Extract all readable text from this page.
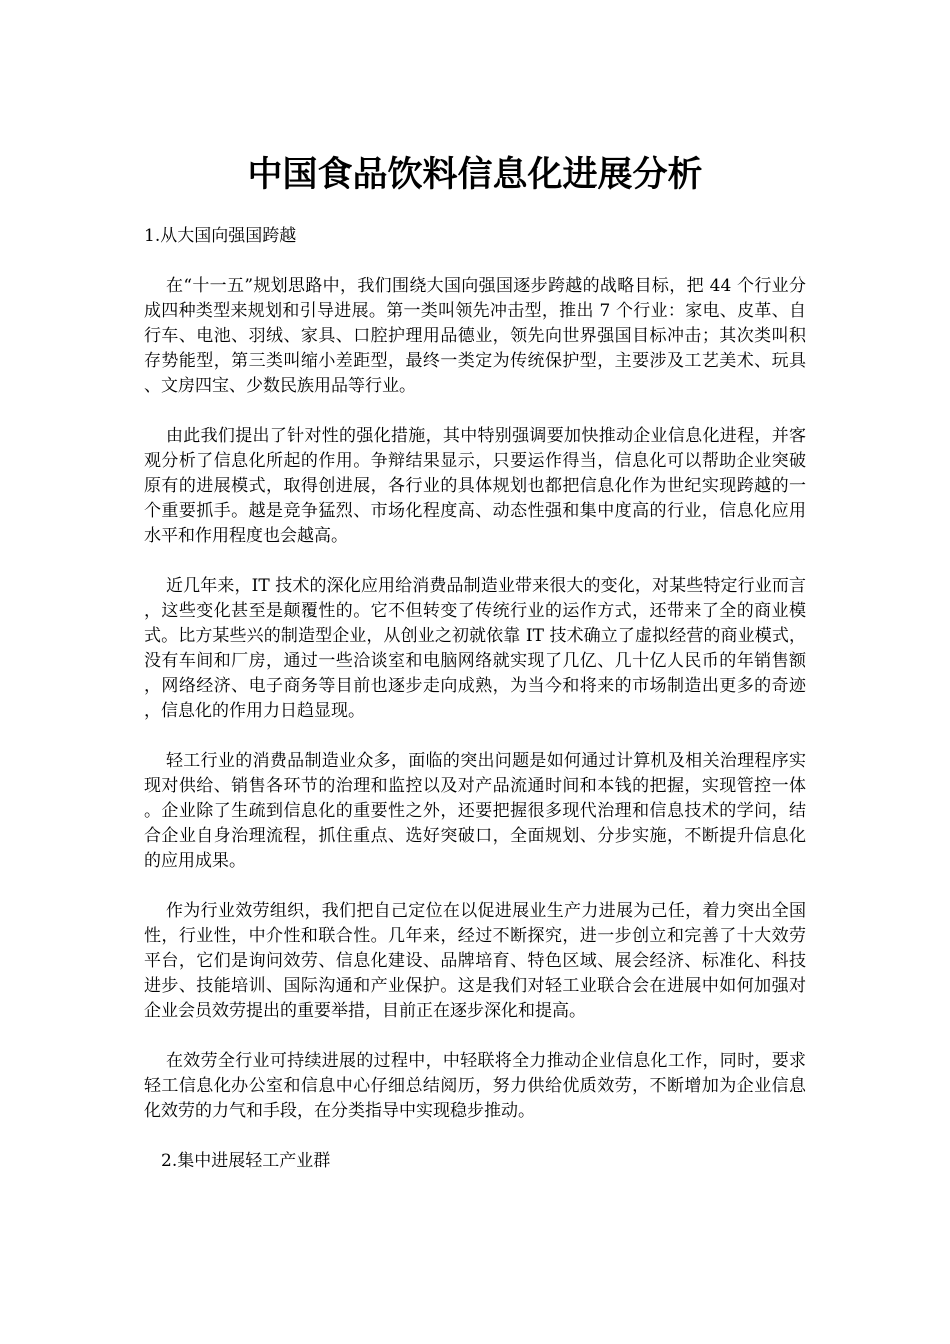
中国食品饮料信息化进展分析

1.从大国向强国跨越

在“十一五”规划思路中，我们围绕大国向强国逐步跨越的战略目标，把 44 个行业分成四种类型来规划和引导进展。第一类叫领先冲击型，推出 7 个行业：家电、皮革、自行车、电池、羽绒、家具、口腔护理用品德业，领先向世界强国目标冲击；其次类叫积存势能型，第三类叫缩小差距型，最终一类定为传统保护型，主要涉及工艺美术、玩具、文房四宝、少数民族用品等行业。

由此我们提出了针对性的强化措施，其中特别强调要加快推动企业信息化进程，并客观分析了信息化所起的作用。争辩结果显示，只要运作得当，信息化可以帮助企业突破原有的进展模式，取得创进展，各行业的具体规划也都把信息化作为世纪实现跨越的一个重要抓手。越是竞争猛烈、市场化程度高、动态性强和集中度高的行业，信息化应用水平和作用程度也会越高。

近几年来，IT 技术的深化应用给消费品制造业带来很大的变化，对某些特定行业而言，这些变化甚至是颠覆性的。它不但转变了传统行业的运作方式，还带来了全的商业模式。比方某些兴的制造型企业，从创业之初就依靠 IT 技术确立了虚拟经营的商业模式，没有车间和厂房，通过一些洽谈室和电脑网络就实现了几亿、几十亿人民币的年销售额，网络经济、电子商务等目前也逐步走向成熟，为当今和将来的市场制造出更多的奇迹，信息化的作用力日趋显现。

轻工行业的消费品制造业众多，面临的突出问题是如何通过计算机及相关治理程序实现对供给、销售各环节的治理和监控以及对产品流通时间和本钱的把握，实现管控一体。企业除了生疏到信息化的重要性之外，还要把握很多现代治理和信息技术的学问，结合企业自身治理流程，抓住重点、选好突破口，全面规划、分步实施，不断提升信息化的应用成果。

作为行业效劳组织，我们把自己定位在以促进展业生产力进展为己任，着力突出全国性，行业性，中介性和联合性。几年来，经过不断探究，进一步创立和完善了十大效劳平台，它们是询问效劳、信息化建设、品牌培育、特色区域、展会经济、标准化、科技进步、技能培训、国际沟通和产业保护。这是我们对轻工业联合会在进展中如何加强对企业会员效劳提出的重要举措，目前正在逐步深化和提高。

在效劳全行业可持续进展的过程中，中轻联将全力推动企业信息化工作，同时，要求轻工信息化办公室和信息中心仔细总结阅历，努力供给优质效劳，不断增加为企业信息化效劳的力气和手段，在分类指导中实现稳步推动。

2.集中进展轻工产业群
